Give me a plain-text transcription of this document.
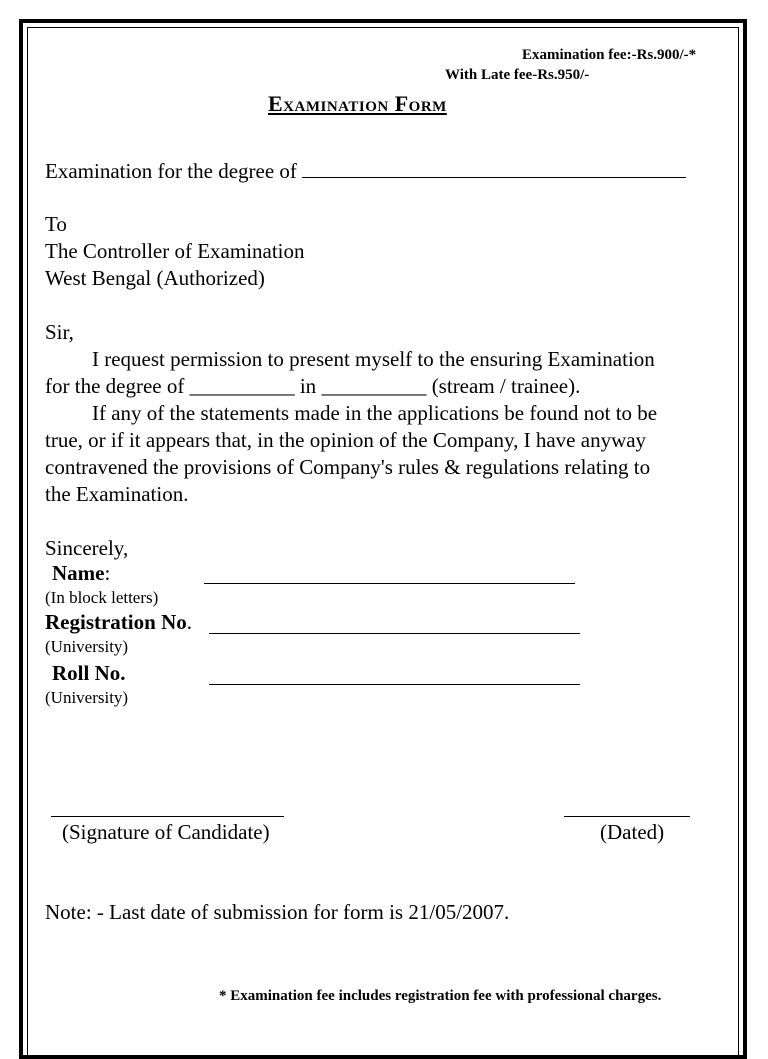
Examination fee:-Rs.900/-*
With Late fee-Rs.950/-
Examination Form
Examination for the degree of
To
The Controller of Examination
West Bengal (Authorized)
Sir,
I request permission to present myself to the ensuring Examination
for the degree of __________ in __________ (stream / trainee).
If any of the statements made in the applications be found not to be
true, or if it appears that, in the opinion of the Company, I have anyway
contravened the provisions of Company's rules & regulations relating to
the Examination.
Sincerely,
Name:
(In block letters)
Registration No.
(University)
Roll No.
(University)
(Signature of Candidate)	(Dated)
Note: - Last date of submission for form is 21/05/2007.
* Examination fee includes registration fee with professional charges.
